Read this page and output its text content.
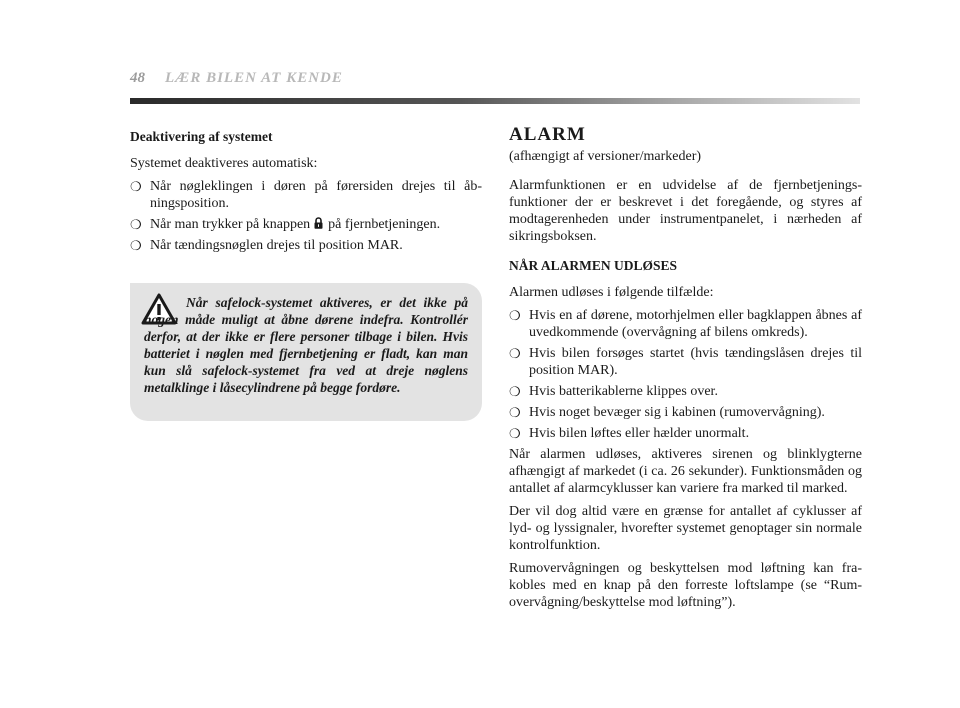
48 LÆR BILEN AT KENDE

Deaktivering af systemet

Systemet deaktiveres automatisk:

❍ Når nøgleklingen i døren på førersiden drejes til åbningsposition.
❍ Når man trykker på knappen  på fjernbetjeningen.
❍ Når tændingsnøglen drejes til position MAR.

Når safelock-systemet aktiveres, er det ikke på nogen måde muligt at åbne dørene indefra. Kontrollér derfor, at der ikke er flere personer tilbage i bilen. Hvis batteriet i nøglen med fjernbetjening er fladt, kan man kun slå safelock-systemet fra ved at dreje nøglens metalklinge i låsecylindrene på begge fordøre.

ALARM

(afhængigt af versioner/markeder)

Alarmfunktionen er en udvidelse af de fjernbetjeningsfunktioner der er beskrevet i det foregående, og styres af modtagerenheden under instrumentpanelet, i nærheden af sikringsboksen.

NÅR ALARMEN UDLØSES

Alarmen udløses i følgende tilfælde:

❍ Hvis en af dørene, motorhjelmen eller bagklappen åbnes af uvedkommende (overvågning af bilens omkreds).
❍ Hvis bilen forsøges startet (hvis tændingslåsen drejes til position MAR).
❍ Hvis batterikablerne klippes over.
❍ Hvis noget bevæger sig i kabinen (rumovervågning).
❍ Hvis bilen løftes eller hælder unormalt.

Når alarmen udløses, aktiveres sirenen og blinklygterne afhængigt af markedet (i ca. 26 sekunder). Funktionsmåden og antallet af alarmcyklusser kan variere fra marked til marked.

Der vil dog altid være en grænse for antallet af cyklusser af lyd- og lyssignaler, hvorefter systemet genoptager sin normale kontrolfunktion.

Rumovervågningen og beskyttelsen mod løftning kan frakobles med en knap på den forreste loftslampe (se “Rumovervågning/beskyttelse mod løftning”).
